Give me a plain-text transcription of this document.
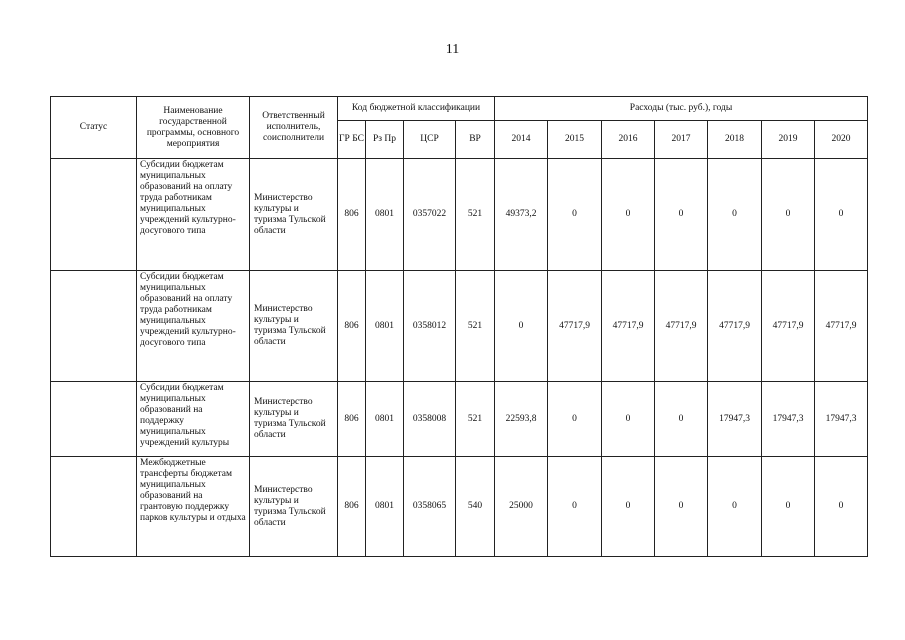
11
Статус	Наименование государственной программы, основного мероприятия	Ответственный исполнитель, соисполнители	Код бюджетной классификации				Расходы (тыс. руб.), годы						
			ГР БС	Рз Пр	ЦСР	ВР	2014	2015	2016	2017	2018	2019	2020
	Субсидии бюджетам муниципальных образований на оплату труда работникам муниципальных учреждений культурно-досугового типа	Министерство культуры и туризма Тульской области	806	0801	0357022	521	49373,2	0	0	0	0	0	0
	Субсидии бюджетам муниципальных образований на оплату труда работникам муниципальных учреждений культурно-досугового типа	Министерство культуры и туризма Тульской области	806	0801	0358012	521	0	47717,9	47717,9	47717,9	47717,9	47717,9	47717,9
	Субсидии бюджетам муниципальных образований на поддержку муниципальных учреждений культуры	Министерство культуры и туризма Тульской области	806	0801	0358008	521	22593,8	0	0	0	17947,3	17947,3	17947,3
	Межбюджетные трансферты бюджетам муниципальных образований на грантовую поддержку парков культуры и отдыха	Министерство культуры и туризма Тульской области	806	0801	0358065	540	25000	0	0	0	0	0	0
